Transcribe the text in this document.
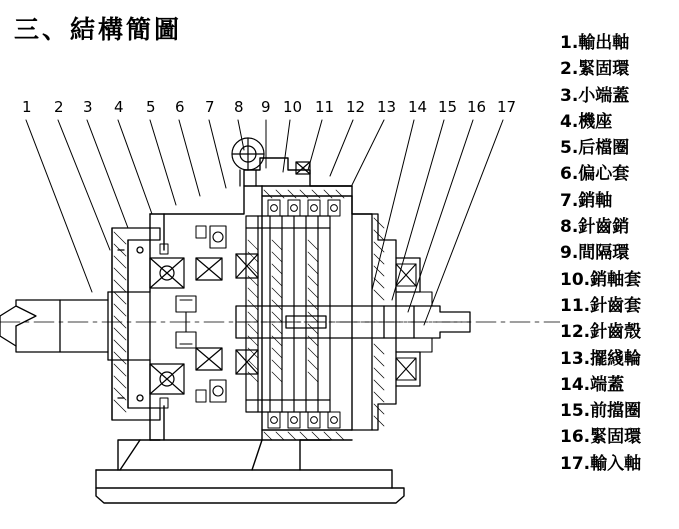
三、結構簡圖
1 2 3 4 5 6 7 8 9 10 11 12 13 14 15 16 17
1.輸出軸
2.緊固環
3.小端蓋
4.機座
5.后檔圈
6.偏心套
7.銷軸
8.針齒銷
9.間隔環
10.銷軸套
11.針齒套
12.針齒殼
13.擺綫輪
14.端蓋
15.前擋圈
16.緊固環
17.輸入軸
